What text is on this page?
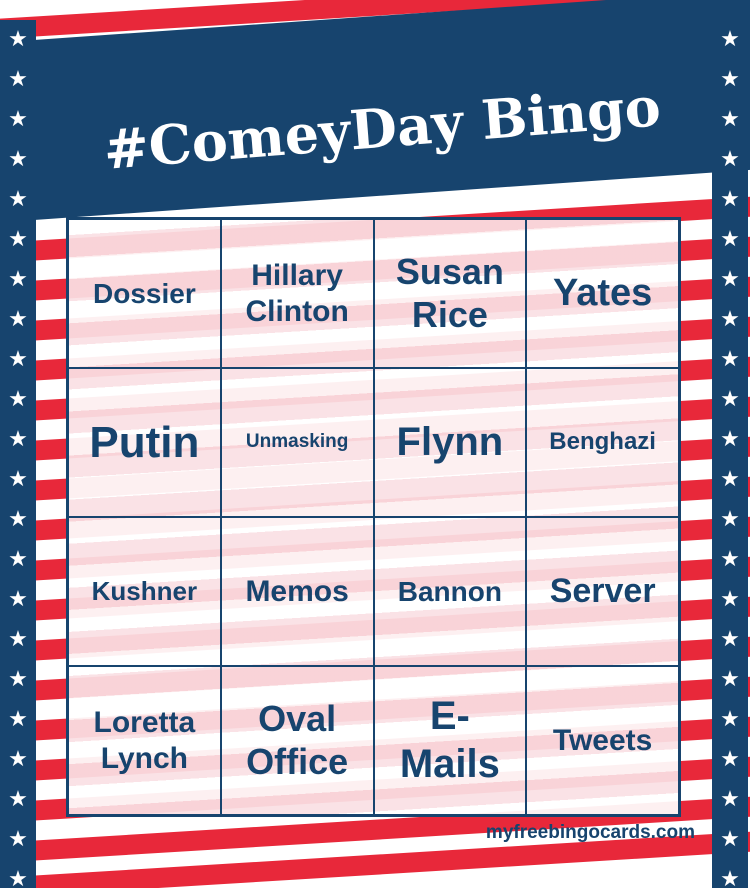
#ComeyDay Bingo
★
★
★
★
★
★
★
★
★
★
★
★
★
★
★
★
★
★
★
★
★
★
★
★
★
★
★
★
★
★
★
★
★
★
★
★
★
★
★
★
★
★
★
★
Dossier
Hillary Clinton
Susan Rice	Yates
Putin Unmasking Flynn Benghazi
Kushner Memos Bannon Server
Loretta Lynch
Oval Office
E-Mails
Tweets
myfreebingocards.com
